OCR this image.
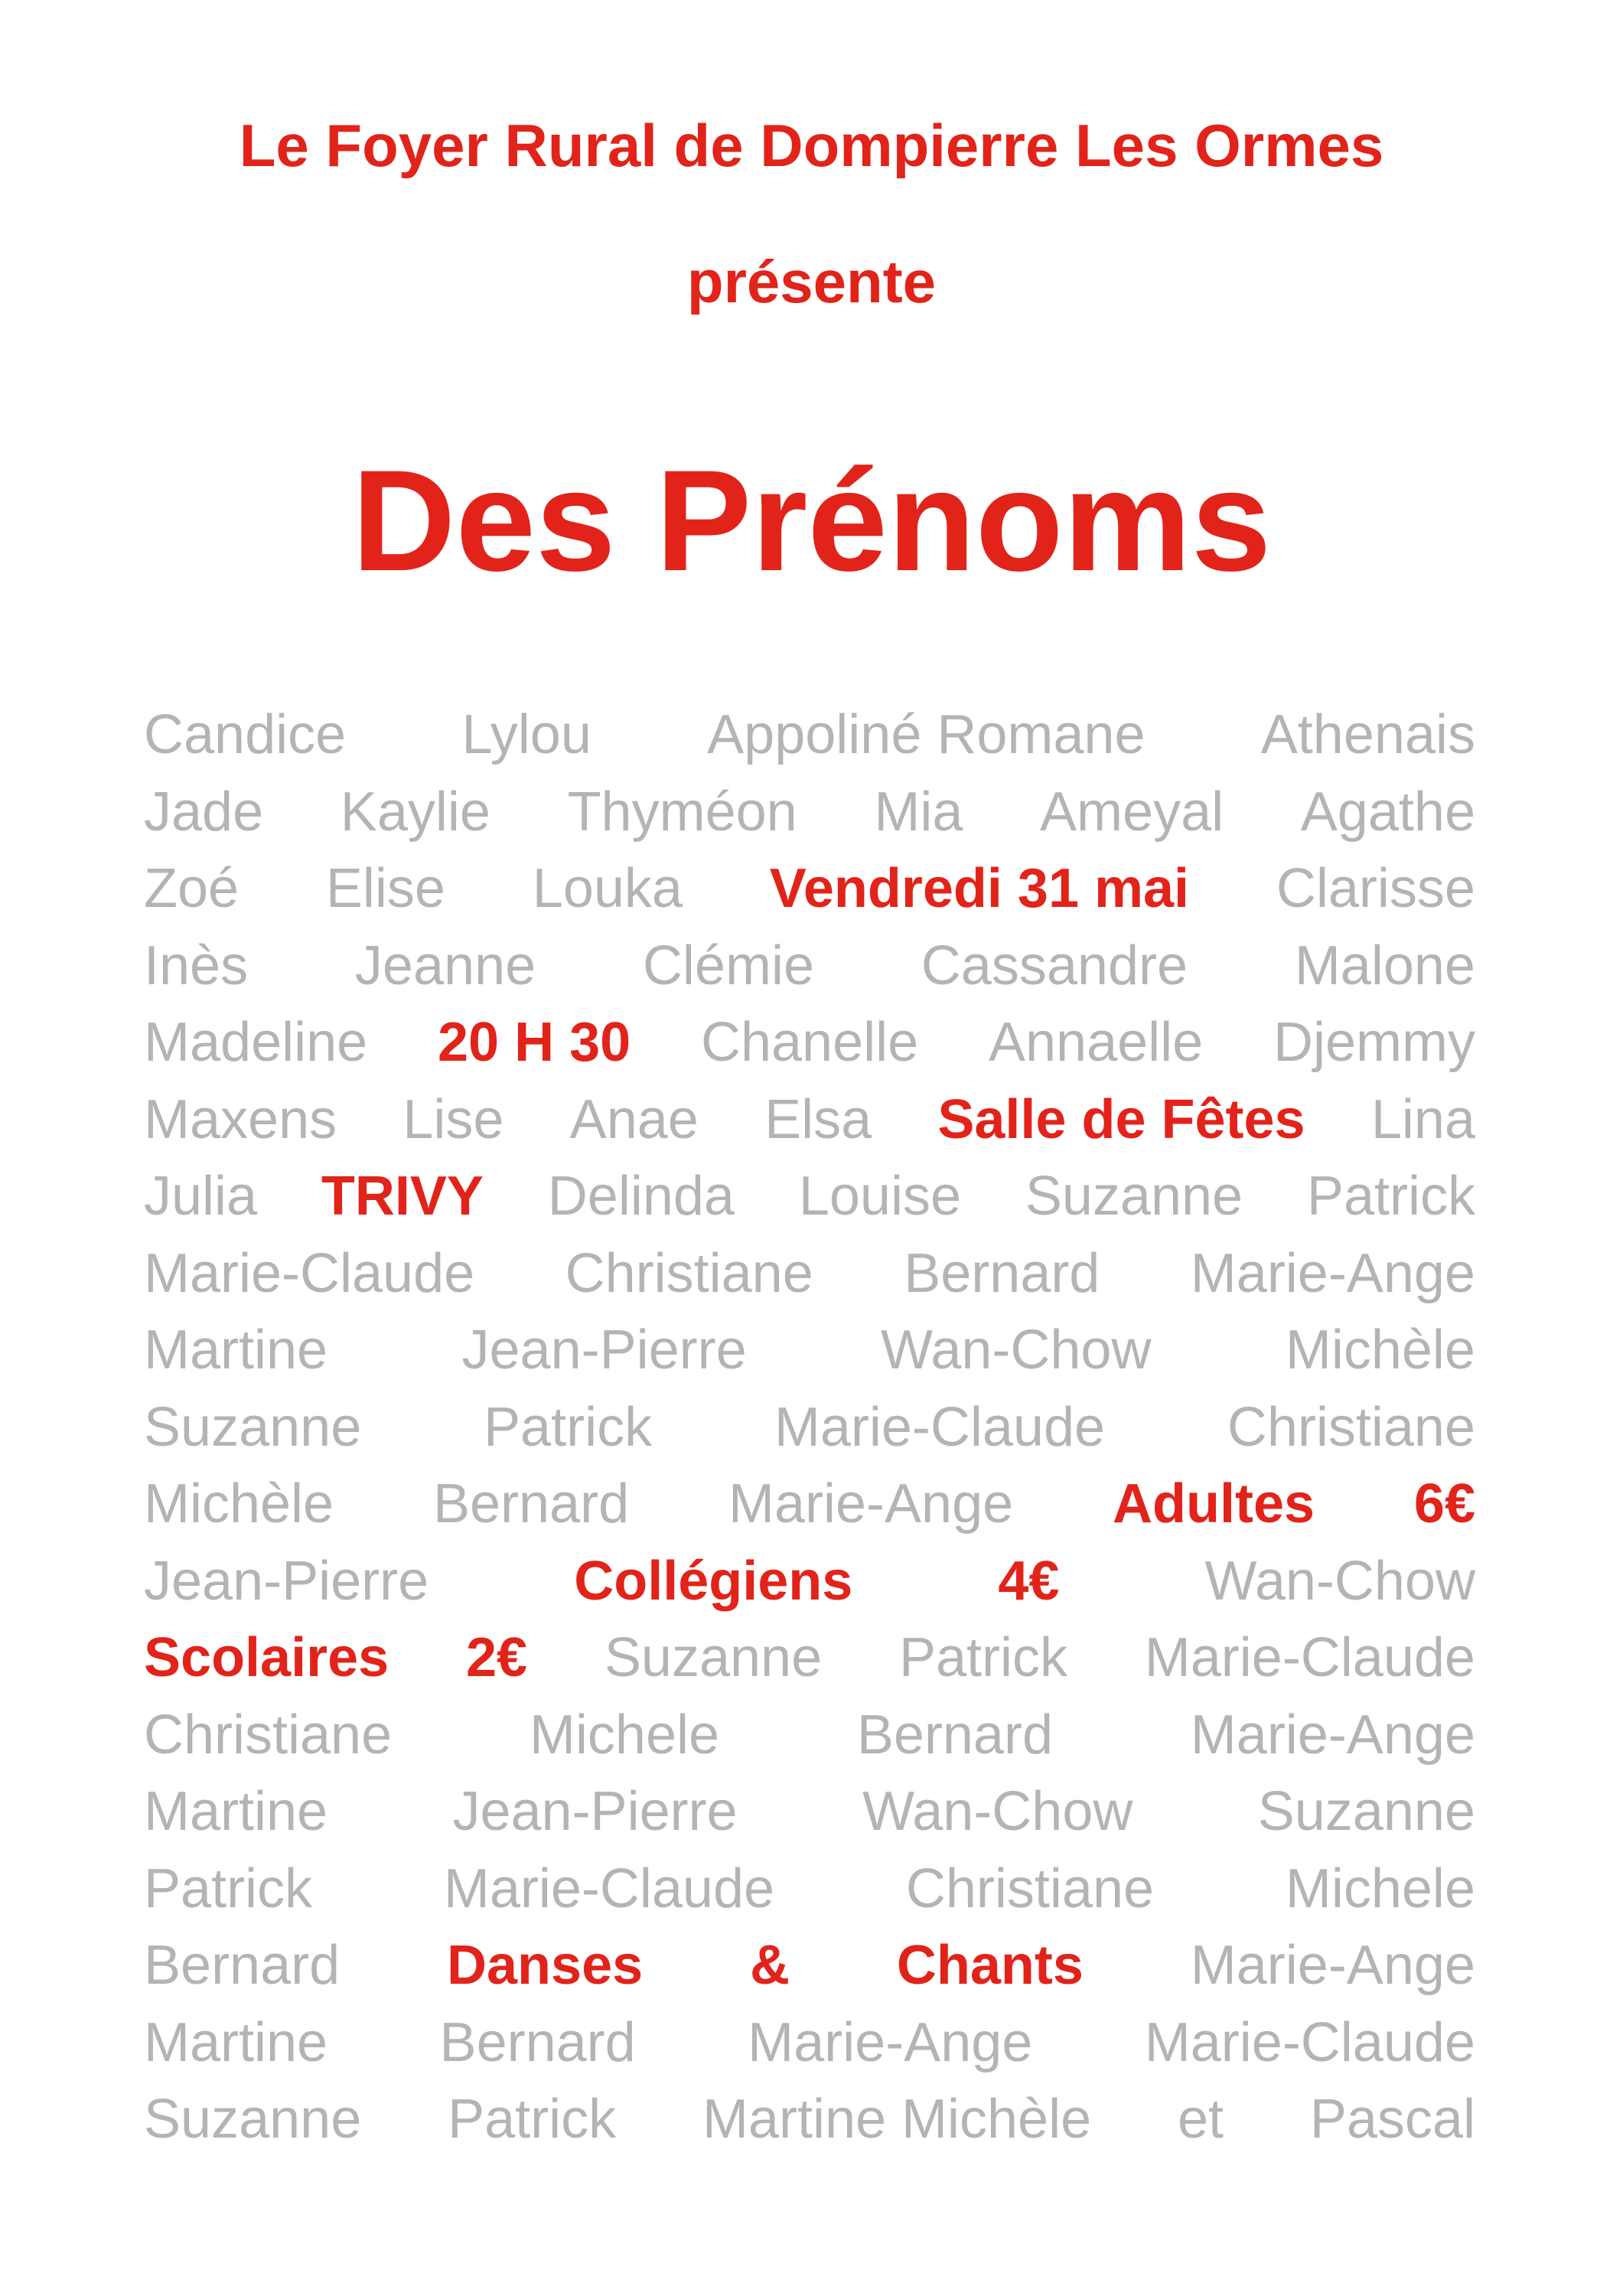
Le Foyer Rural de Dompierre Les Ormes
présente
Des Prénoms
Candice Lylou Appoliné Romane Athenais
Jade Kaylie Thyméon Mia Ameyal Agathe
Zoé Elise Louka Vendredi 31 mai Clarisse
Inès Jeanne Clémie Cassandre Malone
Madeline 20 H 30 Chanelle Annaelle Djemmy
Maxens Lise Anae Elsa Salle de Fêtes Lina
Julia TRIVY Delinda Louise Suzanne Patrick
Marie-Claude Christiane Bernard Marie-Ange
Martine Jean-Pierre Wan-Chow Michèle
Suzanne Patrick Marie-Claude Christiane
Michèle Bernard Marie-Ange Adultes 6€
Jean-Pierre	Collégiens	4€	Wan-Chow
Scolaires 2€ Suzanne Patrick Marie-Claude
Christiane Michele Bernard Marie-Ange
Martine Jean-Pierre Wan-Chow Suzanne
Patrick Marie-Claude Christiane Michele
Bernard Danses & Chants Marie-Ange
Martine Bernard Marie-Ange Marie-Claude
Suzanne Patrick Martine Michèle et Pascal
